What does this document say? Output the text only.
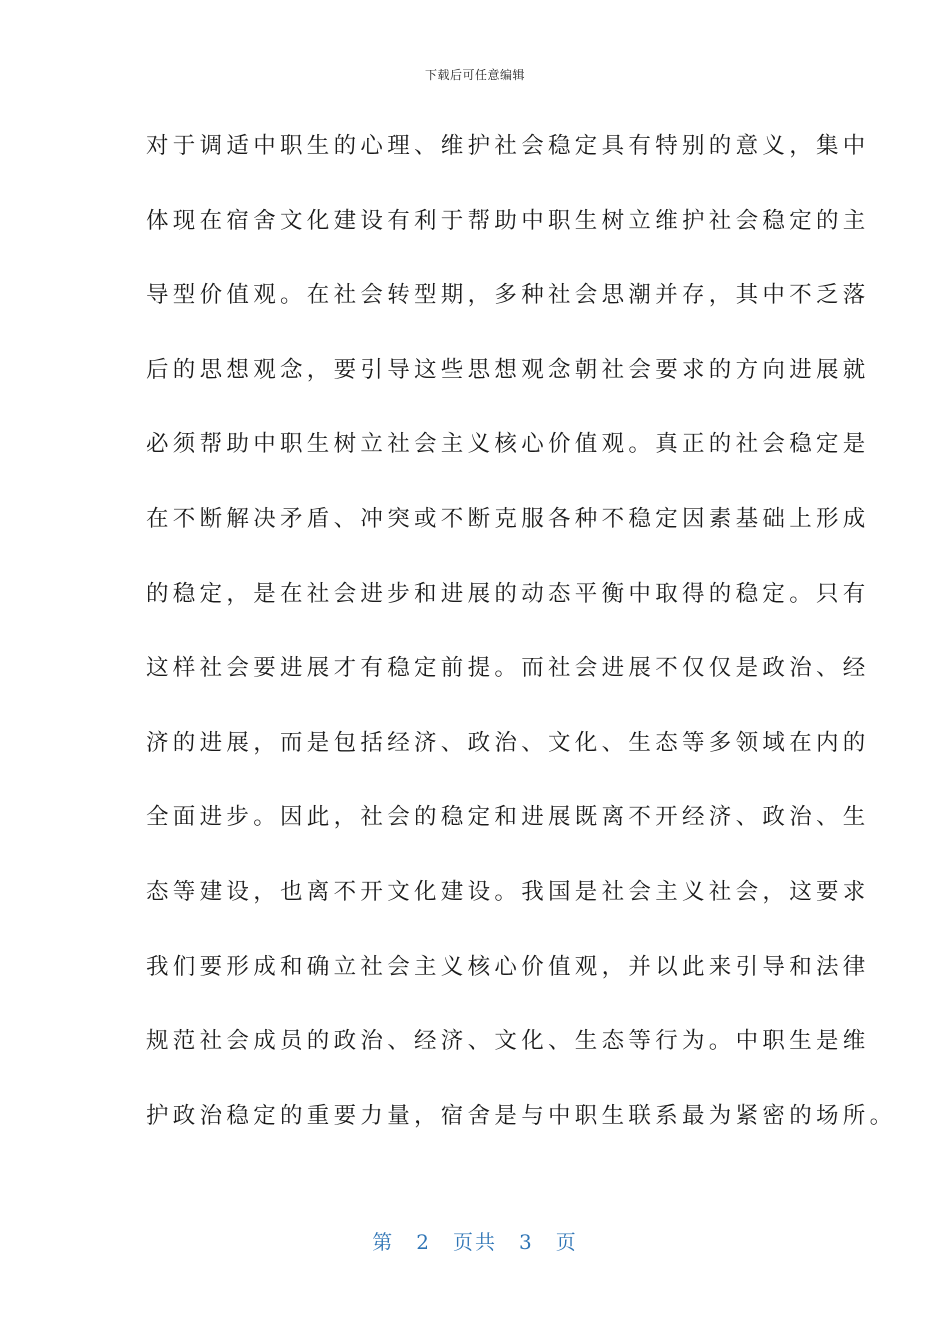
下载后可任意编辑
对于调适中职生的心理、维护社会稳定具有特别的意义，集中
体现在宿舍文化建设有利于帮助中职生树立维护社会稳定的主
导型价值观。在社会转型期，多种社会思潮并存，其中不乏落
后的思想观念，要引导这些思想观念朝社会要求的方向进展就
必须帮助中职生树立社会主义核心价值观。真正的社会稳定是
在不断解决矛盾、冲突或不断克服各种不稳定因素基础上形成
的稳定，是在社会进步和进展的动态平衡中取得的稳定。只有
这样社会要进展才有稳定前提。而社会进展不仅仅是政治、经
济的进展，而是包括经济、政治、文化、生态等多领域在内的
全面进步。因此，社会的稳定和进展既离不开经济、政治、生
态等建设，也离不开文化建设。我国是社会主义社会，这要求
我们要形成和确立社会主义核心价值观，并以此来引导和法律
规范社会成员的政治、经济、文化、生态等行为。中职生是维
护政治稳定的重要力量，宿舍是与中职生联系最为紧密的场所。
第 2 页共 3 页
